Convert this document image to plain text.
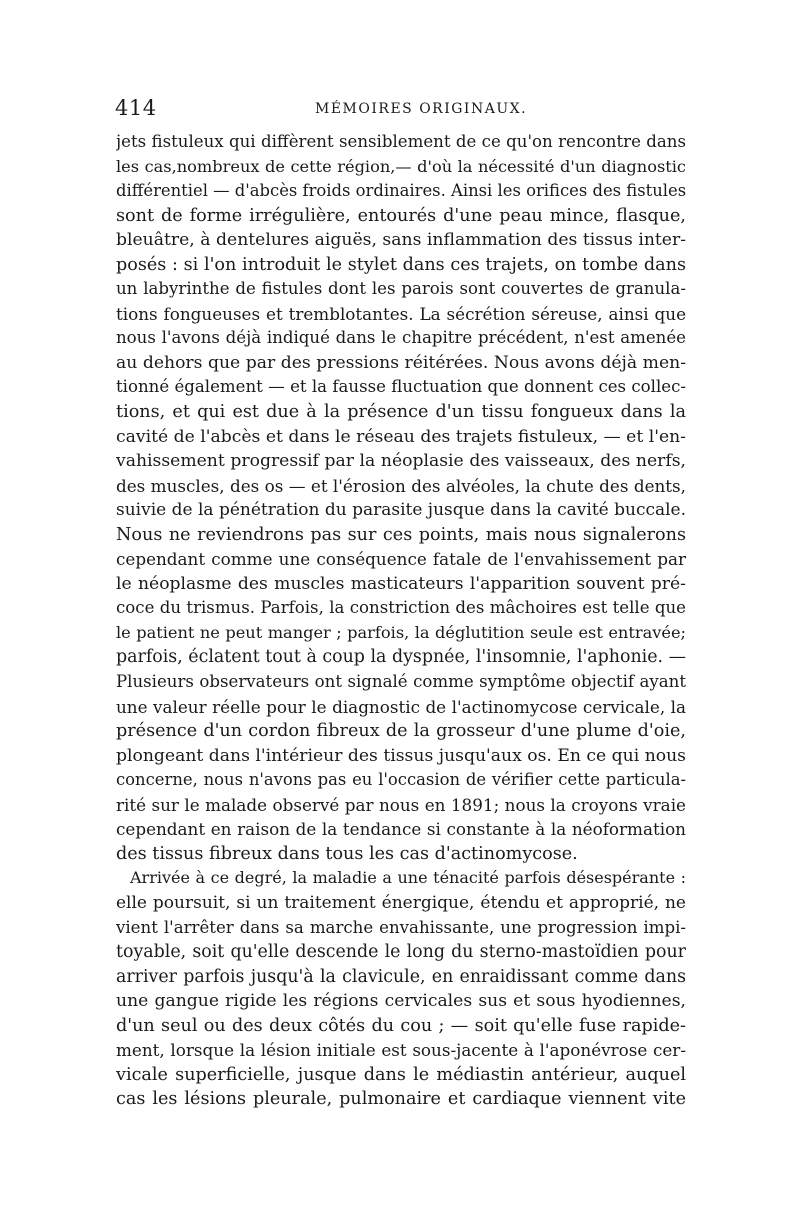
414	MÉMOIRES ORIGINAUX.
jets fistuleux qui diffèrent sensiblement de ce qu'on rencontre dans
les cas,nombreux de cette région,— d'où la nécessité d'un diagnostic
différentiel — d'abcès froids ordinaires. Ainsi les orifices des fistules
sont de forme irrégulière, entourés d'une peau mince, flasque,
bleuâtre, à dentelures aiguës, sans inflammation des tissus inter-
posés : si l'on introduit le stylet dans ces trajets, on tombe dans
un labyrinthe de fistules dont les parois sont couvertes de granula-
tions fongueuses et tremblotantes. La sécrétion séreuse, ainsi que
nous l'avons déjà indiqué dans le chapitre précédent, n'est amenée
au dehors que par des pressions réitérées. Nous avons déjà men-
tionné également — et la fausse fluctuation que donnent ces collec-
tions, et qui est due à la présence d'un tissu fongueux dans la
cavité de l'abcès et dans le réseau des trajets fistuleux, — et l'en-
vahissement progressif par la néoplasie des vaisseaux, des nerfs,
des muscles, des os — et l'érosion des alvéoles, la chute des dents,
suivie de la pénétration du parasite jusque dans la cavité buccale.
Nous ne reviendrons pas sur ces points, mais nous signalerons
cependant comme une conséquence fatale de l'envahissement par
le néoplasme des muscles masticateurs l'apparition souvent pré-
coce du trismus. Parfois, la constriction des mâchoires est telle que
le patient ne peut manger ; parfois, la déglutition seule est entravée;
parfois, éclatent tout à coup la dyspnée, l'insomnie, l'aphonie. —
Plusieurs observateurs ont signalé comme symptôme objectif ayant
une valeur réelle pour le diagnostic de l'actinomycose cervicale, la
présence d'un cordon fibreux de la grosseur d'une plume d'oie,
plongeant dans l'intérieur des tissus jusqu'aux os. En ce qui nous
concerne, nous n'avons pas eu l'occasion de vérifier cette particula-
rité sur le malade observé par nous en 1891; nous la croyons vraie
cependant en raison de la tendance si constante à la néoformation
des tissus fibreux dans tous les cas d'actinomycose.
Arrivée à ce degré, la maladie a une ténacité parfois désespérante :
elle poursuit, si un traitement énergique, étendu et approprié, ne
vient l'arrêter dans sa marche envahissante, une progression impi-
toyable, soit qu'elle descende le long du sterno-mastoïdien pour
arriver parfois jusqu'à la clavicule, en enraidissant comme dans
une gangue rigide les régions cervicales sus et sous hyodiennes,
d'un seul ou des deux côtés du cou ; — soit qu'elle fuse rapide-
ment, lorsque la lésion initiale est sous-jacente à l'aponévrose cer-
vicale superficielle, jusque dans le médiastin antérieur, auquel
cas les lésions pleurale, pulmonaire et cardiaque viennent vite
